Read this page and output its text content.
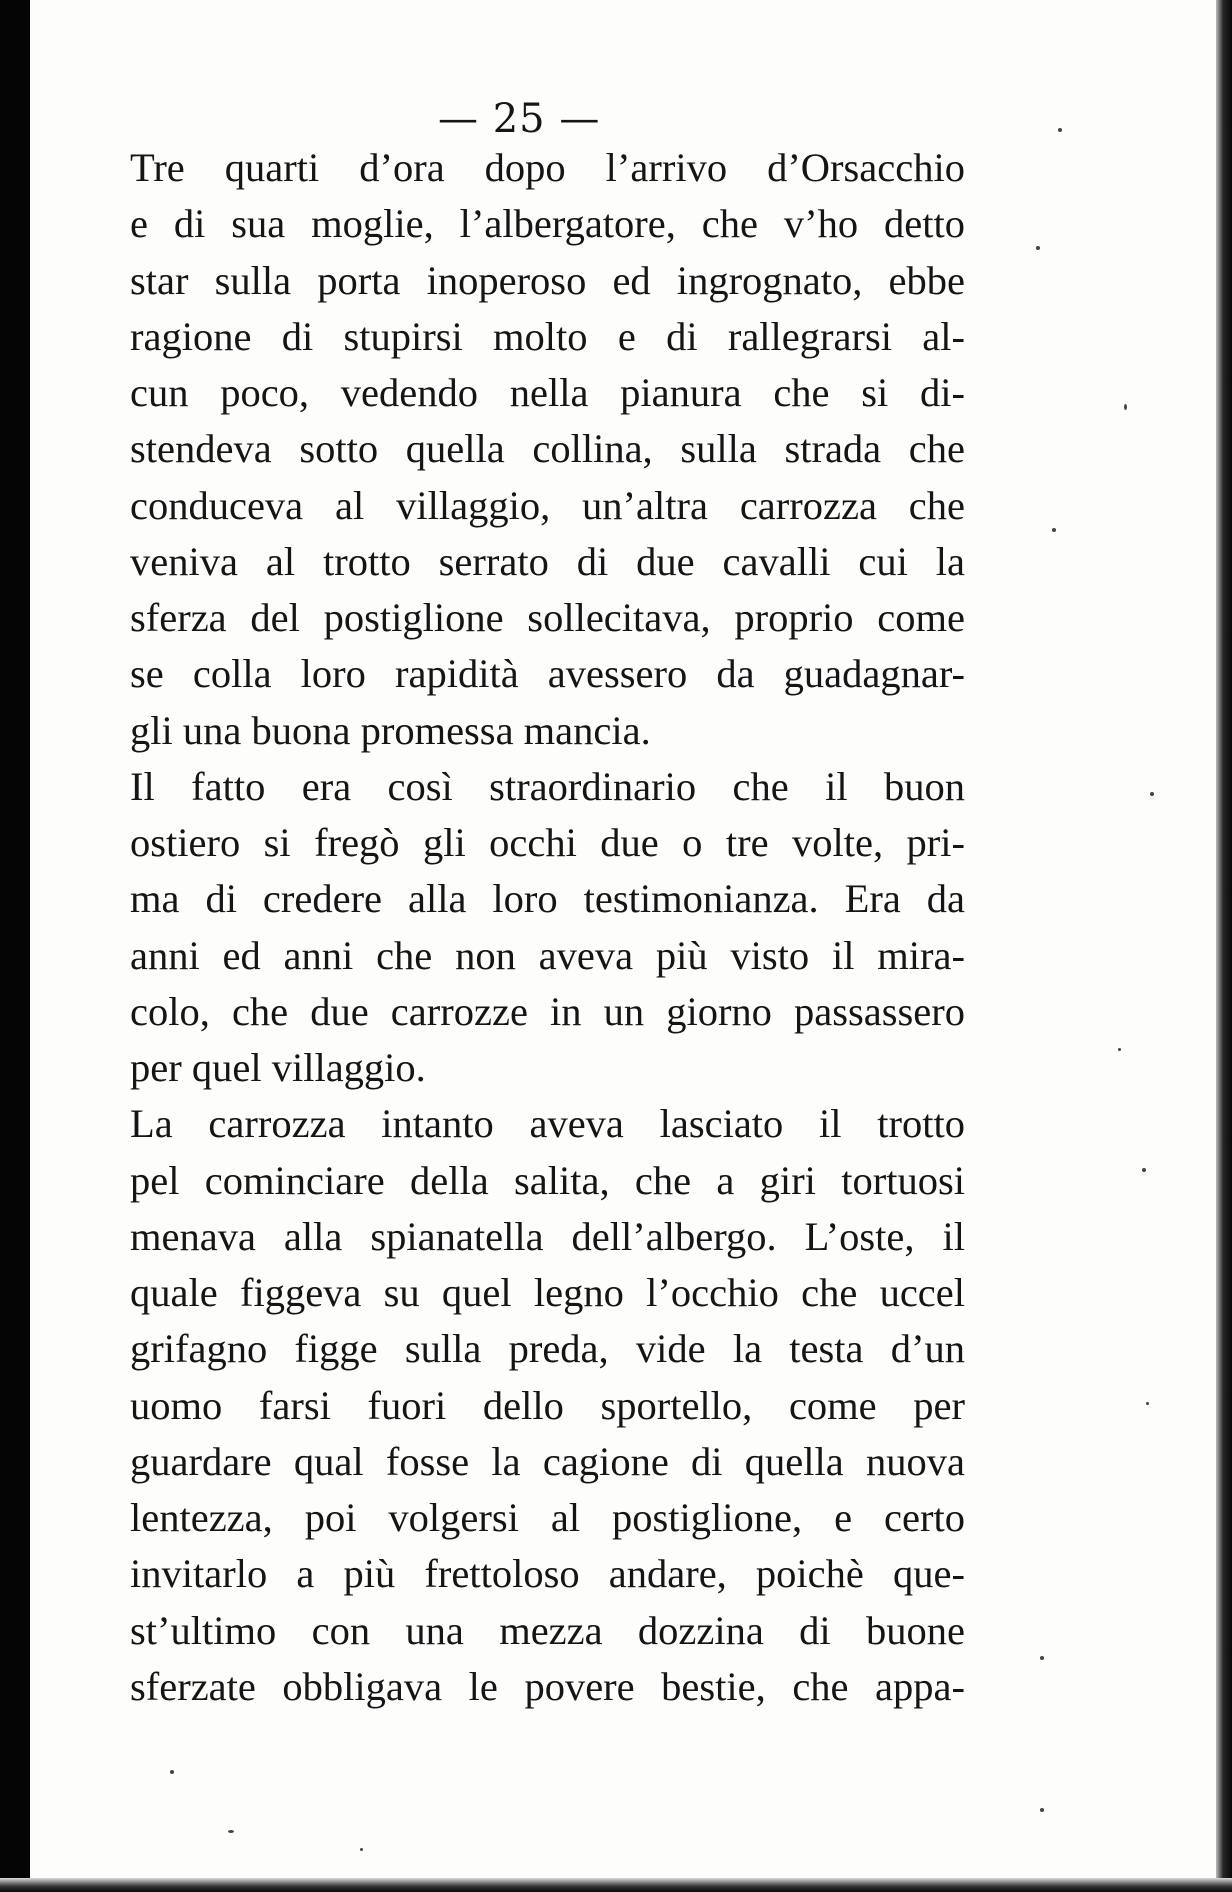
— 25 —
Tre quarti d’ora dopo l’arrivo d’Orsacchio
e di sua moglie, l’albergatore, che v’ho detto
star sulla porta inoperoso ed ingrognato, ebbe
ragione di stupirsi molto e di rallegrarsi al-
cun poco, vedendo nella pianura che si di-
stendeva sotto quella collina, sulla strada che
conduceva al villaggio, un’altra carrozza che
veniva al trotto serrato di due cavalli cui la
sferza del postiglione sollecitava, proprio come
se colla loro rapidità avessero da guadagnar-
gli una buona promessa mancia.
Il fatto era così straordinario che il buon
ostiero si fregò gli occhi due o tre volte, pri-
ma di credere alla loro testimonianza. Era da
anni ed anni che non aveva più visto il mira-
colo, che due carrozze in un giorno passassero
per quel villaggio.
La carrozza intanto aveva lasciato il trotto
pel cominciare della salita, che a giri tortuosi
menava alla spianatella dell’albergo. L’oste, il
quale figgeva su quel legno l’occhio che uccel
grifagno figge sulla preda, vide la testa d’un
uomo farsi fuori dello sportello, come per
guardare qual fosse la cagione di quella nuova
lentezza, poi volgersi al postiglione, e certo
invitarlo a più frettoloso andare, poichè que-
st’ultimo con una mezza dozzina di buone
sferzate obbligava le povere bestie, che appa-
